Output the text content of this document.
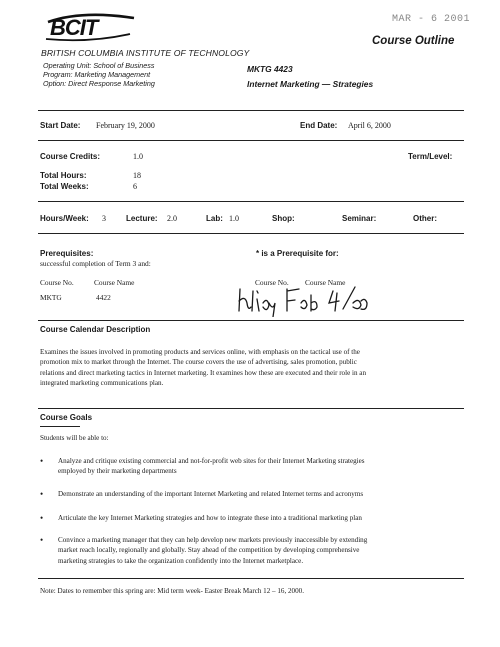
BCIT	MAR - 6 2001
Course Outline
BRITISH COLUMBIA INSTITUTE OF TECHNOLOGY
Operating Unit: School of Business
Program: Marketing Management
Option: Direct Response Marketing
MKTG 4423
Internet Marketing — Strategies
Start Date: February 19, 2000	End Date: April 6, 2000
Course Credits:	1.0	Term/Level:
Total Hours:	18
Total Weeks:	6
Hours/Week: 3	Lecture: 2.0	Lab: 1.0	Shop:	Seminar:	Other:
Prerequisites:	* is a Prerequisite for:
successful completion of Term 3 and:
Course No.	Course Name
MKTG	4422
Course No. Course Name
Course Calendar Description
Examines the issues involved in promoting products and services online, with emphasis on the tactical use of the
promotion mix to market through the Internet. The course covers the use of advertising, sales promotion, public
relations and direct marketing tactics in Internet marketing. It examines how these are executed and their role in an
integrated marketing communications plan.
Course Goals
Students will be able to:
• Analyze and critique existing commercial and not-for-profit web sites for their Internet Marketing strategies
employed by their marketing departments
• Demonstrate an understanding of the important Internet Marketing and related Internet terms and acronyms
• Articulate the key Internet Marketing strategies and how to integrate these into a traditional marketing plan
• Convince a marketing manager that they can help develop new markets previously inaccessible by extending
market reach locally, regionally and globally. Stay ahead of the competition by developing comprehensive
marketing strategies to take the organization confidently into the Internet marketplace.
Note: Dates to remember this spring are: Mid term week- Easter Break March 12 – 16, 2000.
